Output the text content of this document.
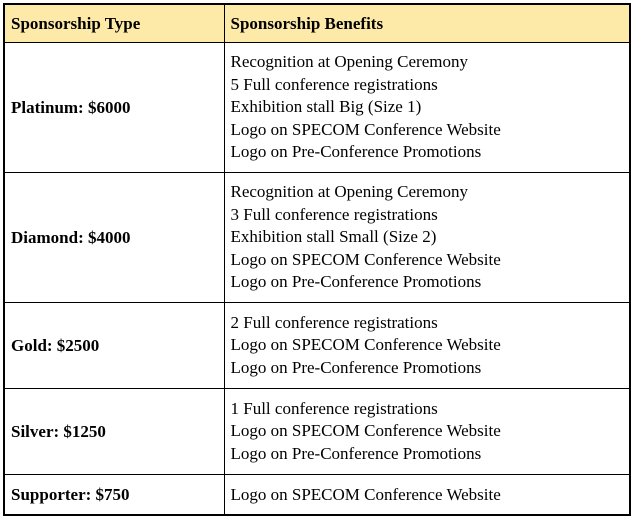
Sponsorship Type	Sponsorship Benefits
Platinum: $6000	Recognition at Opening Ceremony
5 Full conference registrations
Exhibition stall Big (Size 1)
Logo on SPECOM Conference Website
Logo on Pre-Conference Promotions

Diamond: $4000	Recognition at Opening Ceremony
3 Full conference registrations
Exhibition stall Small (Size 2)
Logo on SPECOM Conference Website
Logo on Pre-Conference Promotions

Gold: $2500	2 Full conference registrations
Logo on SPECOM Conference Website
Logo on Pre-Conference Promotions

Silver: $1250	1 Full conference registrations
Logo on SPECOM Conference Website
Logo on Pre-Conference Promotions

Supporter: $750	Logo on SPECOM Conference Website
